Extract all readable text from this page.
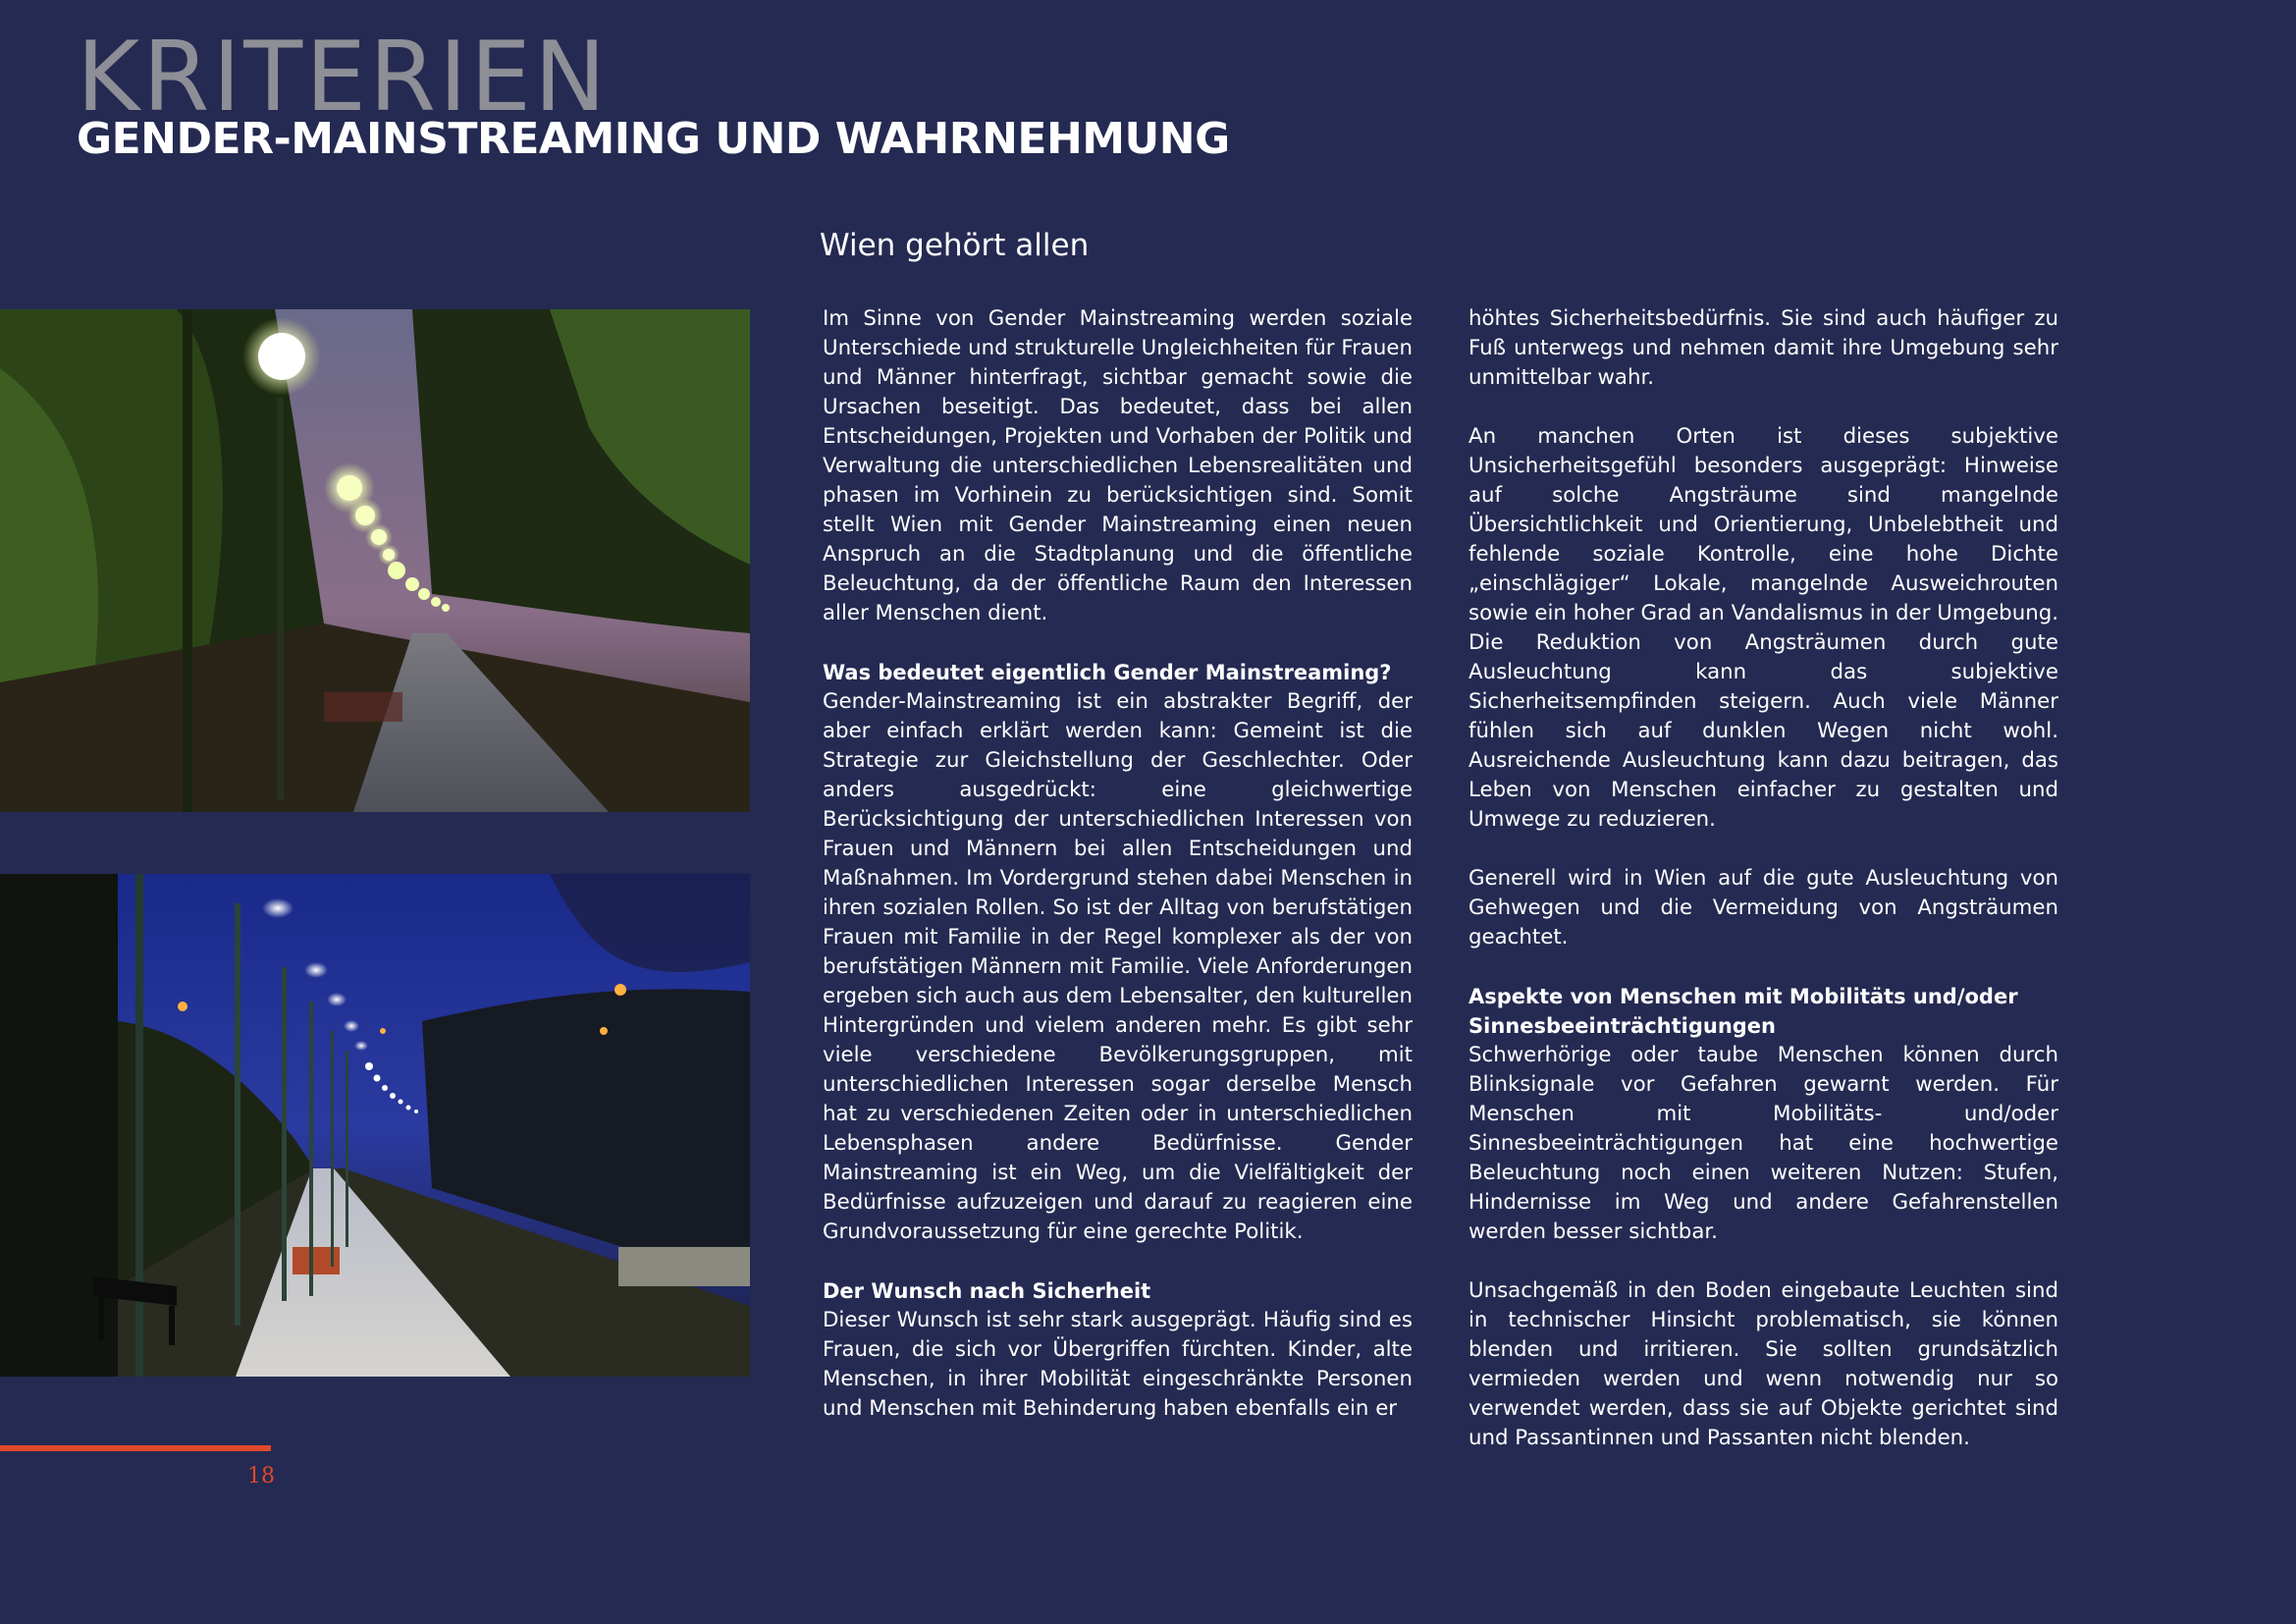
KRITERIEN
GENDER-MAINSTREAMING UND WAHRNEHMUNG
Wien gehört allen

Im Sinne von Gender Mainstreaming werden soziale Unterschiede und strukturelle Ungleichheiten für Frauen und Männer hinterfragt, sichtbar gemacht sowie die Ursachen beseitigt. Das bedeutet, dass bei allen Entscheidungen, Projekten und Vorhaben der Politik und Verwaltung die unterschiedlichen Lebensrealitäten und phasen im Vorhinein zu berücksichtigen sind. Somit stellt Wien mit Gender Mainstreaming einen neuen Anspruch an die Stadtplanung und die öffentliche Beleuchtung, da der öffentliche Raum den Interessen aller Menschen dient.

Was bedeutet eigentlich Gender Mainstreaming?
Gender-Mainstreaming ist ein abstrakter Begriff, der aber einfach erklärt werden kann: Gemeint ist die Strategie zur Gleichstellung der Geschlechter. Oder anders ausgedrückt: eine gleichwertige Berücksichtigung der unterschiedlichen Interessen von Frauen und Männern bei allen Entscheidungen und Maßnahmen. Im Vordergrund stehen dabei Menschen in ihren sozialen Rollen. So ist der Alltag von berufstätigen Frauen mit Familie in der Regel komplexer als der von berufstätigen Männern mit Familie. Viele Anforderungen ergeben sich auch aus dem Lebensalter, den kulturellen Hintergründen und vielem anderen mehr. Es gibt sehr viele verschiedene Bevölkerungsgruppen, mit unterschiedlichen Interessen sogar derselbe Mensch hat zu verschiedenen Zeiten oder in unterschiedlichen Lebensphasen andere Bedürfnisse. Gender Mainstreaming ist ein Weg, um die Vielfältigkeit der Bedürfnisse aufzuzeigen und darauf zu reagieren eine Grundvoraussetzung für eine gerechte Politik.
Der Wunsch nach Sicherheit
Dieser Wunsch ist sehr stark ausgeprägt. Häufig sind es Frauen, die sich vor Übergriffen fürchten. Kinder, alte Menschen, in ihrer Mobilität eingeschränkte Personen und Menschen mit Behinderung haben ebenfalls ein er

höhtes Sicherheitsbedürfnis. Sie sind auch häufiger zu Fuß unterwegs und nehmen damit ihre Umgebung sehr unmittelbar wahr.

An manchen Orten ist dieses subjektive Unsicherheitsgefühl besonders ausgeprägt: Hinweise auf solche Angsträume sind mangelnde Übersichtlichkeit und Orientierung, Unbelebtheit und fehlende soziale Kontrolle, eine hohe Dichte „einschlägiger“ Lokale, mangelnde Ausweichrouten sowie ein hoher Grad an Vandalismus in der Umgebung. Die Reduktion von Angsträumen durch gute Ausleuchtung kann das subjektive Sicherheitsempfinden steigern. Auch viele Männer fühlen sich auf dunklen Wegen nicht wohl. Ausreichende Ausleuchtung kann dazu beitragen, das Leben von Menschen einfacher zu gestalten und Umwege zu reduzieren.

Generell wird in Wien auf die gute Ausleuchtung von Gehwegen und die Vermeidung von Angsträumen geachtet.

Aspekte von Menschen mit Mobilitäts und/oder Sinnesbeeinträchtigungen
Schwerhörige oder taube Menschen können durch Blinksignale vor Gefahren gewarnt werden. Für Menschen mit Mobilitäts- und/oder Sinnesbeeinträchtigungen hat eine hochwertige Beleuchtung noch einen weiteren Nutzen: Stufen, Hindernisse im Weg und andere Gefahrenstellen werden besser sichtbar.

Unsachgemäß in den Boden eingebaute Leuchten sind in technischer Hinsicht problematisch, sie können blenden und irritieren. Sie sollten grundsätzlich vermieden werden und wenn notwendig nur so verwendet werden, dass sie auf Objekte gerichtet sind und Passantinnen und Passanten nicht blenden.

18
